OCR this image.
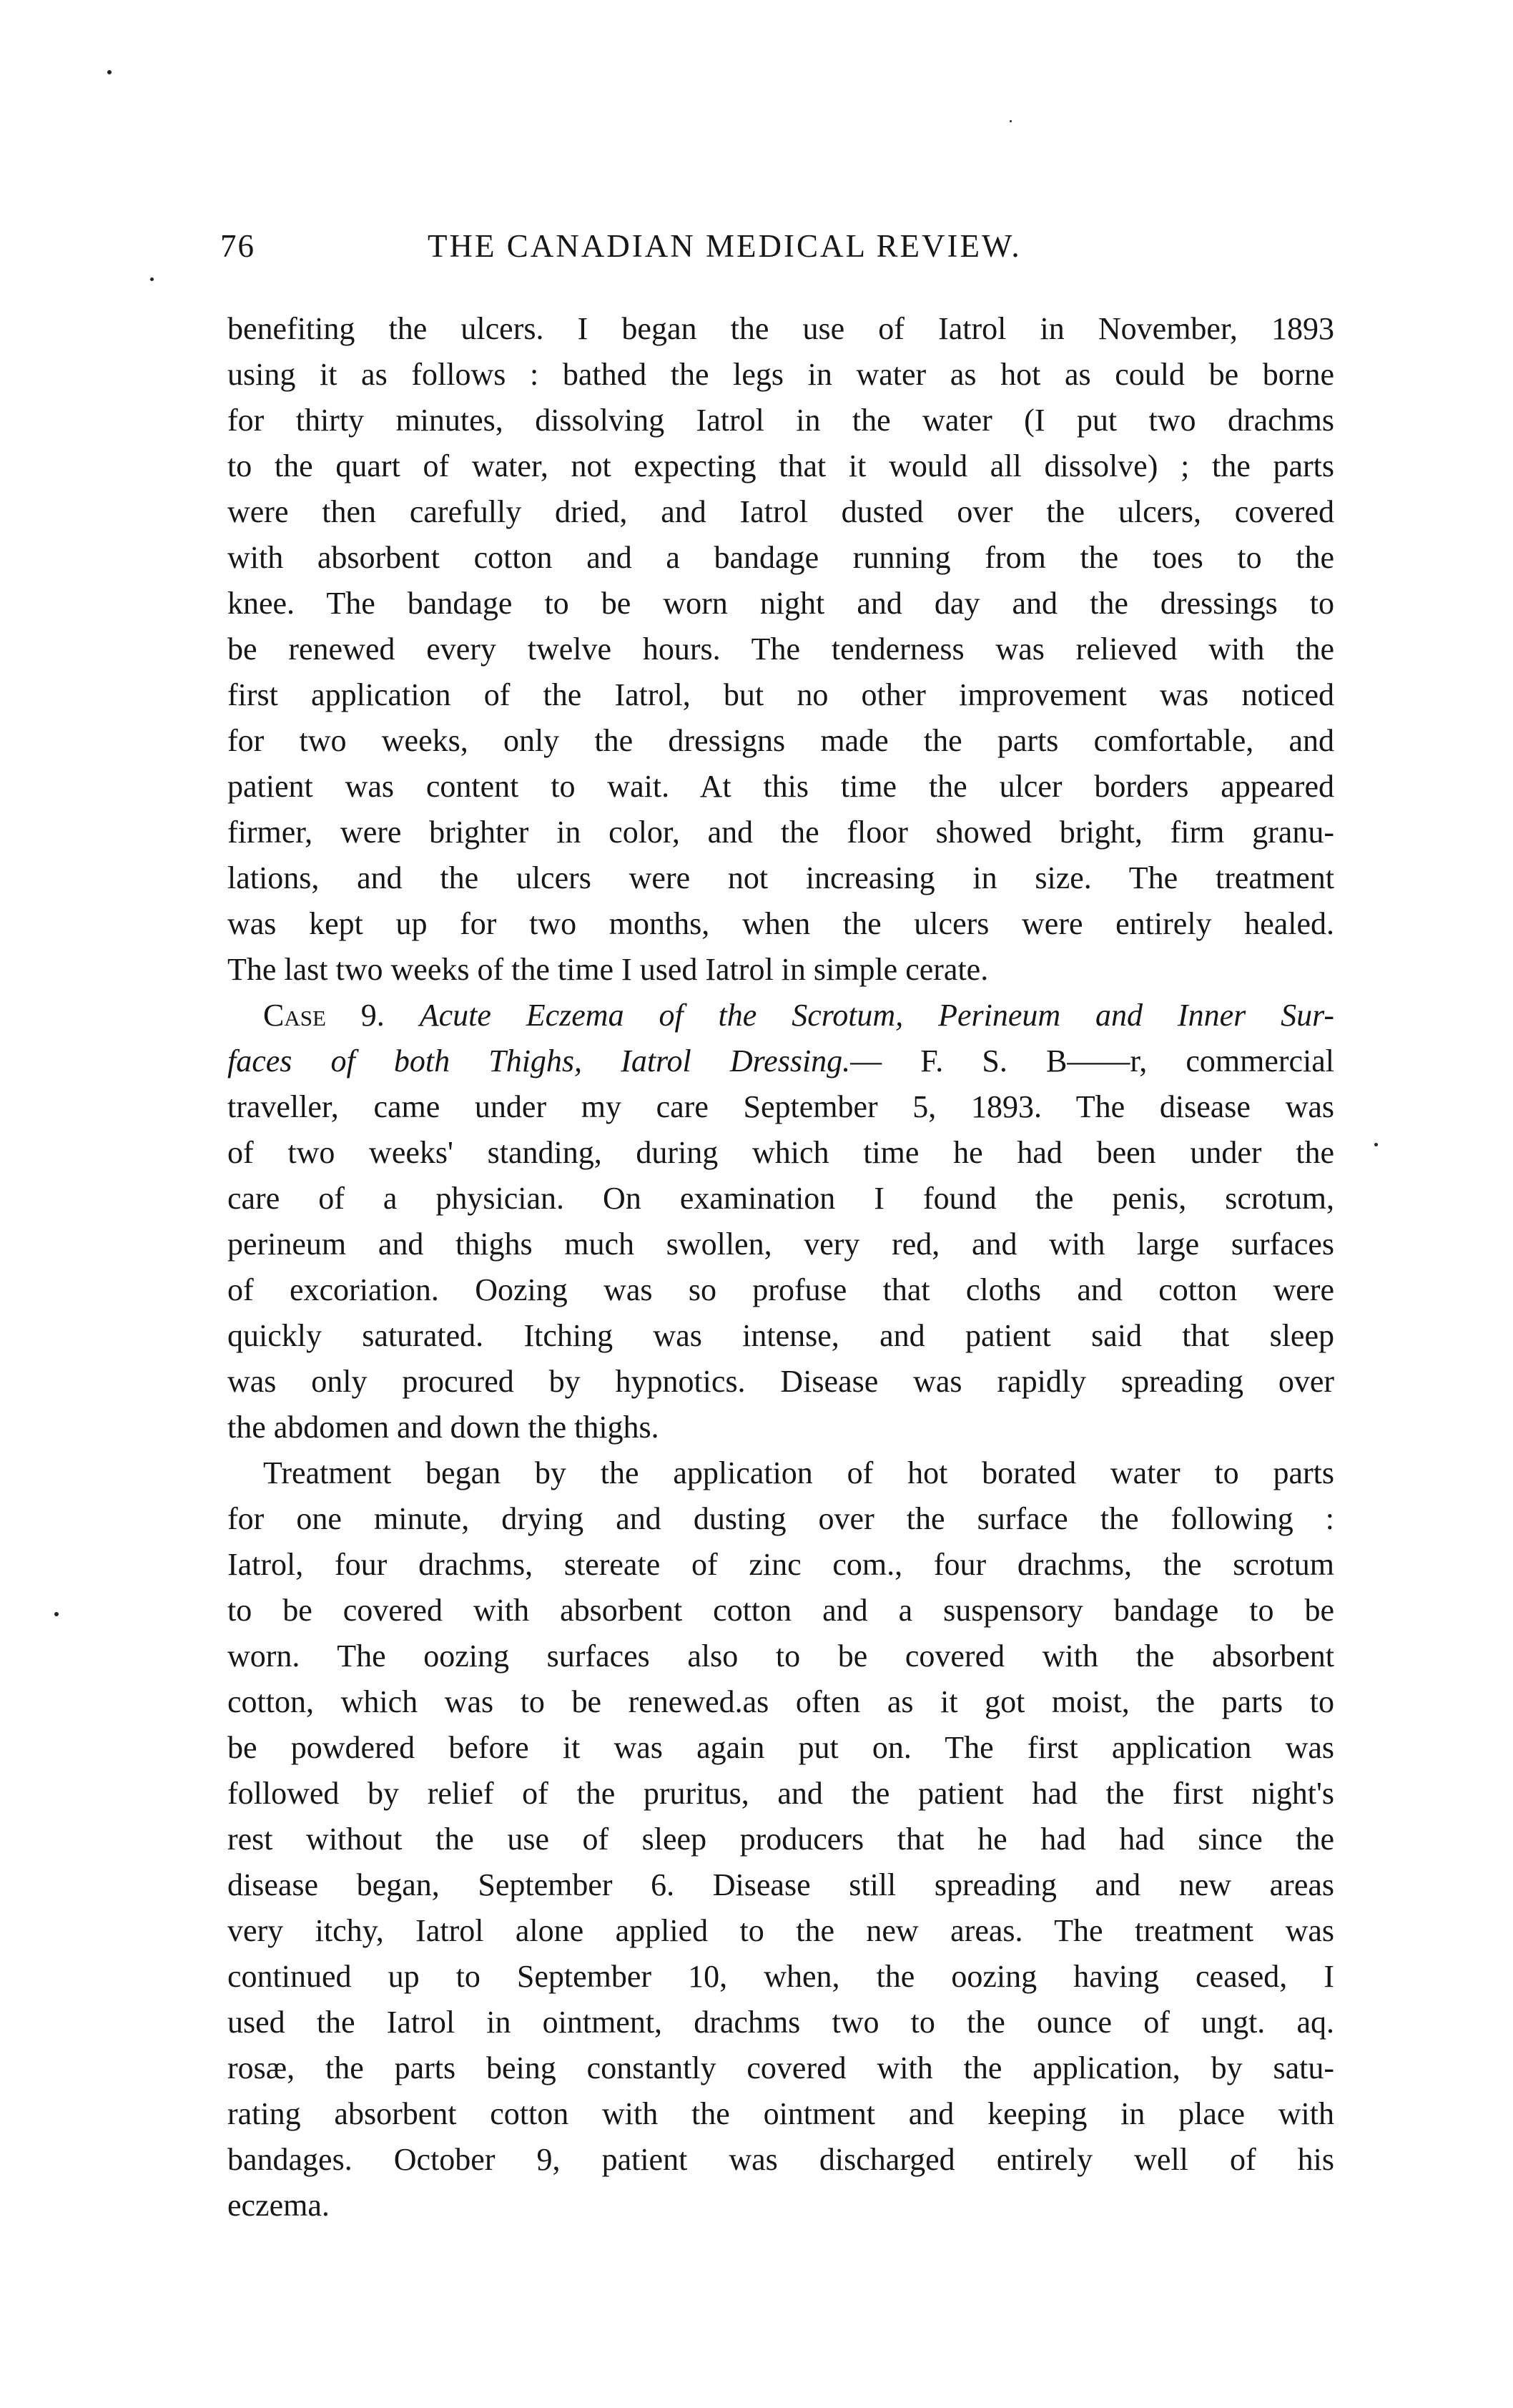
76	THE CANADIAN MEDICAL REVIEW.
benefiting the ulcers. I began the use of Iatrol in November, 1893
using it as follows : bathed the legs in water as hot as could be borne
for thirty minutes, dissolving Iatrol in the water (I put two drachms
to the quart of water, not expecting that it would all dissolve) ; the parts
were then carefully dried, and Iatrol dusted over the ulcers, covered
with absorbent cotton and a bandage running from the toes to the
knee. The bandage to be worn night and day and the dressings to
be renewed every twelve hours. The tenderness was relieved with the
first application of the Iatrol, but no other improvement was noticed
for two weeks, only the dressigns made the parts comfortable, and
patient was content to wait. At this time the ulcer borders appeared
firmer, were brighter in color, and the floor showed bright, firm granu-
lations, and the ulcers were not increasing in size. The treatment
was kept up for two months, when the ulcers were entirely healed.
The last two weeks of the time I used Iatrol in simple cerate.
Case 9. Acute Eczema of the Scrotum, Perineum and Inner Sur-
faces of both Thighs, Iatrol Dressing.— F. S. B——r, commercial
traveller, came under my care September 5, 1893. The disease was
of two weeks' standing, during which time he had been under the
care of a physician. On examination I found the penis, scrotum,
perineum and thighs much swollen, very red, and with large surfaces
of excoriation. Oozing was so profuse that cloths and cotton were
quickly saturated. Itching was intense, and patient said that sleep
was only procured by hypnotics. Disease was rapidly spreading over
the abdomen and down the thighs.
Treatment began by the application of hot borated water to parts
for one minute, drying and dusting over the surface the following :
Iatrol, four drachms, stereate of zinc com., four drachms, the scrotum
to be covered with absorbent cotton and a suspensory bandage to be
worn. The oozing surfaces also to be covered with the absorbent
cotton, which was to be renewed.as often as it got moist, the parts to
be powdered before it was again put on. The first application was
followed by relief of the pruritus, and the patient had the first night's
rest without the use of sleep producers that he had had since the
disease began, September 6. Disease still spreading and new areas
very itchy, Iatrol alone applied to the new areas. The treatment was
continued up to September 10, when, the oozing having ceased, I
used the Iatrol in ointment, drachms two to the ounce of ungt. aq.
rosæ, the parts being constantly covered with the application, by satu-
rating absorbent cotton with the ointment and keeping in place with
bandages. October 9, patient was discharged entirely well of his
eczema.
